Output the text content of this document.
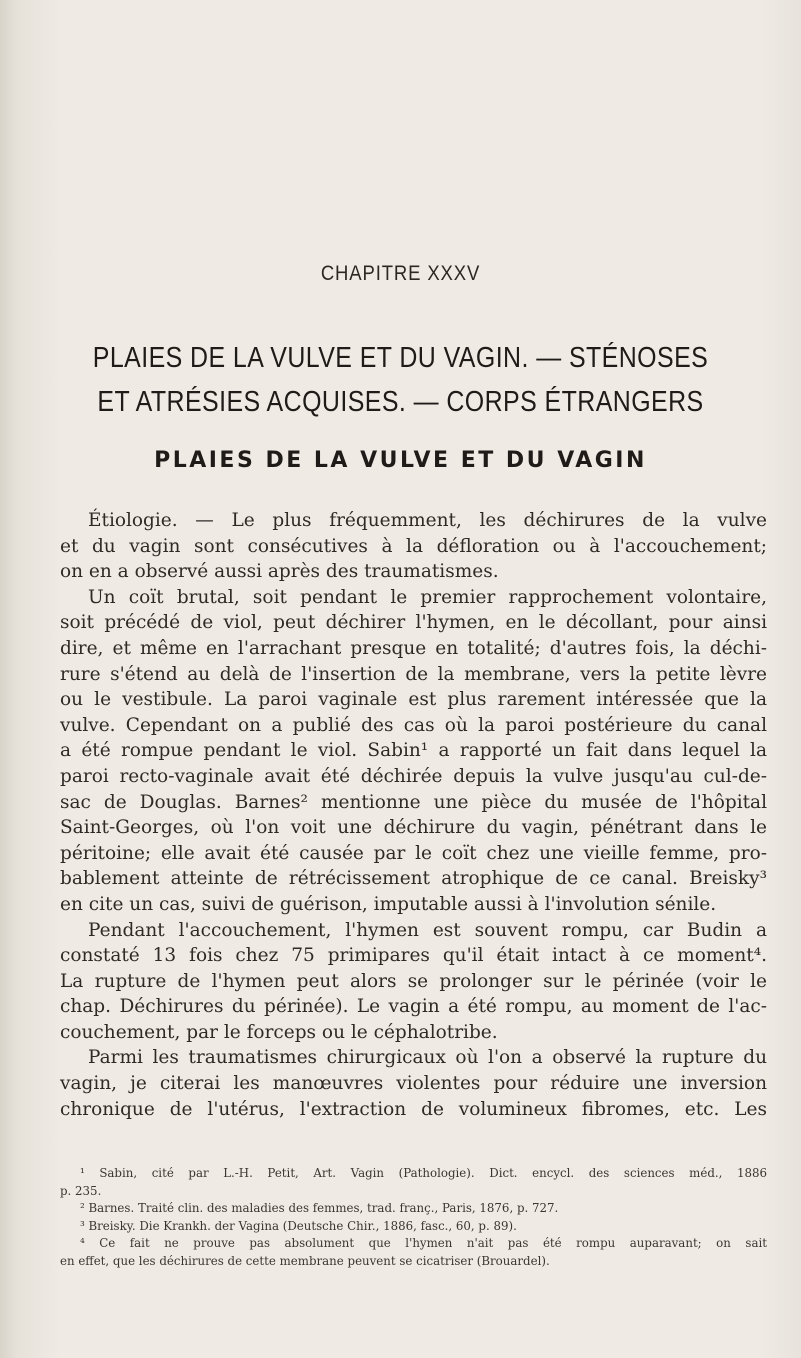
CHAPITRE XXXV
PLAIES DE LA VULVE ET DU VAGIN. — STÉNOSES
ET ATRÉSIES ACQUISES. — CORPS ÉTRANGERS
PLAIES DE LA VULVE ET DU VAGIN
Étiologie. — Le plus fréquemment, les déchirures de la vulve
et du vagin sont consécutives à la défloration ou à l'accouchement;
on en a observé aussi après des traumatismes.
Un coït brutal, soit pendant le premier rapprochement volontaire,
soit précédé de viol, peut déchirer l'hymen, en le décollant, pour ainsi
dire, et même en l'arrachant presque en totalité; d'autres fois, la déchi-
rure s'étend au delà de l'insertion de la membrane, vers la petite lèvre
ou le vestibule. La paroi vaginale est plus rarement intéressée que la
vulve. Cependant on a publié des cas où la paroi postérieure du canal
a été rompue pendant le viol. Sabin¹ a rapporté un fait dans lequel la
paroi recto-vaginale avait été déchirée depuis la vulve jusqu'au cul-de-
sac de Douglas. Barnes² mentionne une pièce du musée de l'hôpital
Saint-Georges, où l'on voit une déchirure du vagin, pénétrant dans le
péritoine; elle avait été causée par le coït chez une vieille femme, pro-
bablement atteinte de rétrécissement atrophique de ce canal. Breisky³
en cite un cas, suivi de guérison, imputable aussi à l'involution sénile.
Pendant l'accouchement, l'hymen est souvent rompu, car Budin a
constaté 13 fois chez 75 primipares qu'il était intact à ce moment⁴.
La rupture de l'hymen peut alors se prolonger sur le périnée (voir le
chap. Déchirures du périnée). Le vagin a été rompu, au moment de l'ac-
couchement, par le forceps ou le céphalotribe.
Parmi les traumatismes chirurgicaux où l'on a observé la rupture du
vagin, je citerai les manœuvres violentes pour réduire une inversion
chronique de l'utérus, l'extraction de volumineux fibromes, etc. Les
¹ Sabin, cité par L.-H. Petit, Art. Vagin (Pathologie). Dict. encycl. des sciences méd., 1886
p. 235.
² Barnes. Traité clin. des maladies des femmes, trad. franç., Paris, 1876, p. 727.
³ Breisky. Die Krankh. der Vagina (Deutsche Chir., 1886, fasc., 60, p. 89).
⁴ Ce fait ne prouve pas absolument que l'hymen n'ait pas été rompu auparavant; on sait
en effet, que les déchirures de cette membrane peuvent se cicatriser (Brouardel).
